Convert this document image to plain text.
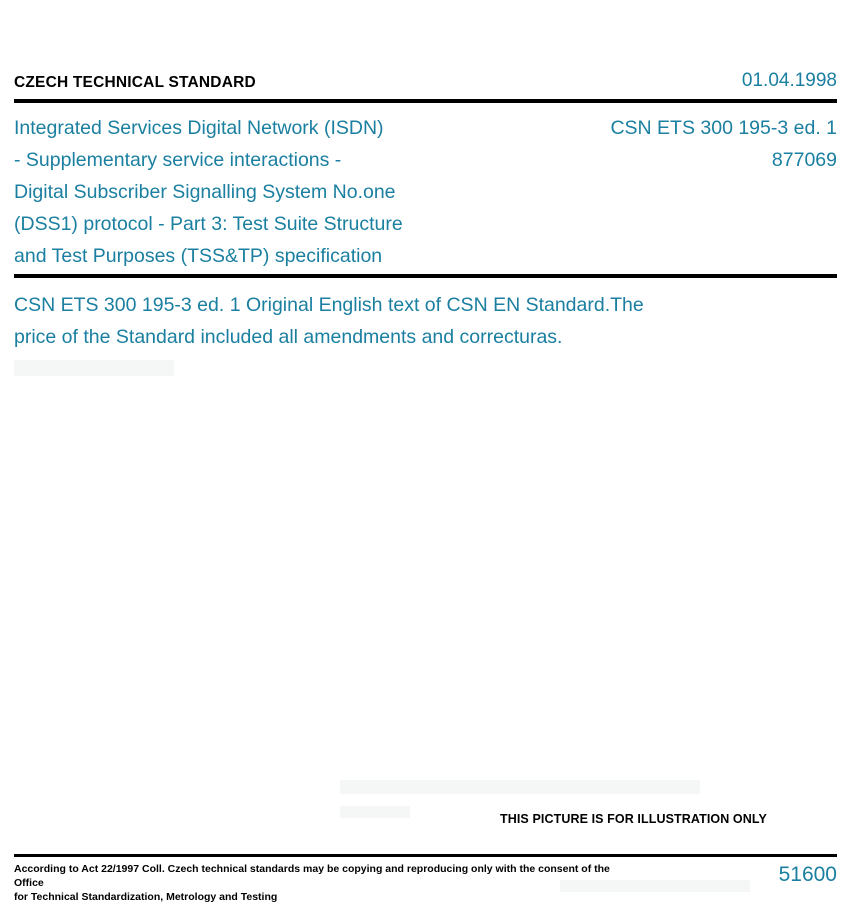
CZECH TECHNICAL STANDARD	01.04.1998
Integrated Services Digital Network (ISDN)
- Supplementary service interactions -
Digital Subscriber Signalling System No.one
(DSS1) protocol - Part 3: Test Suite Structure
and Test Purposes (TSS&TP) specification
CSN ETS 300 195-3 ed. 1
877069
CSN ETS 300 195-3 ed. 1 Original English text of CSN EN Standard.The
price of the Standard included all amendments and correcturas.
THIS PICTURE IS FOR ILLUSTRATION ONLY
According to Act 22/1997 Coll. Czech technical standards may be copying and reproducing only with the consent of the Office
for Technical Standardization, Metrology and Testing
51600
